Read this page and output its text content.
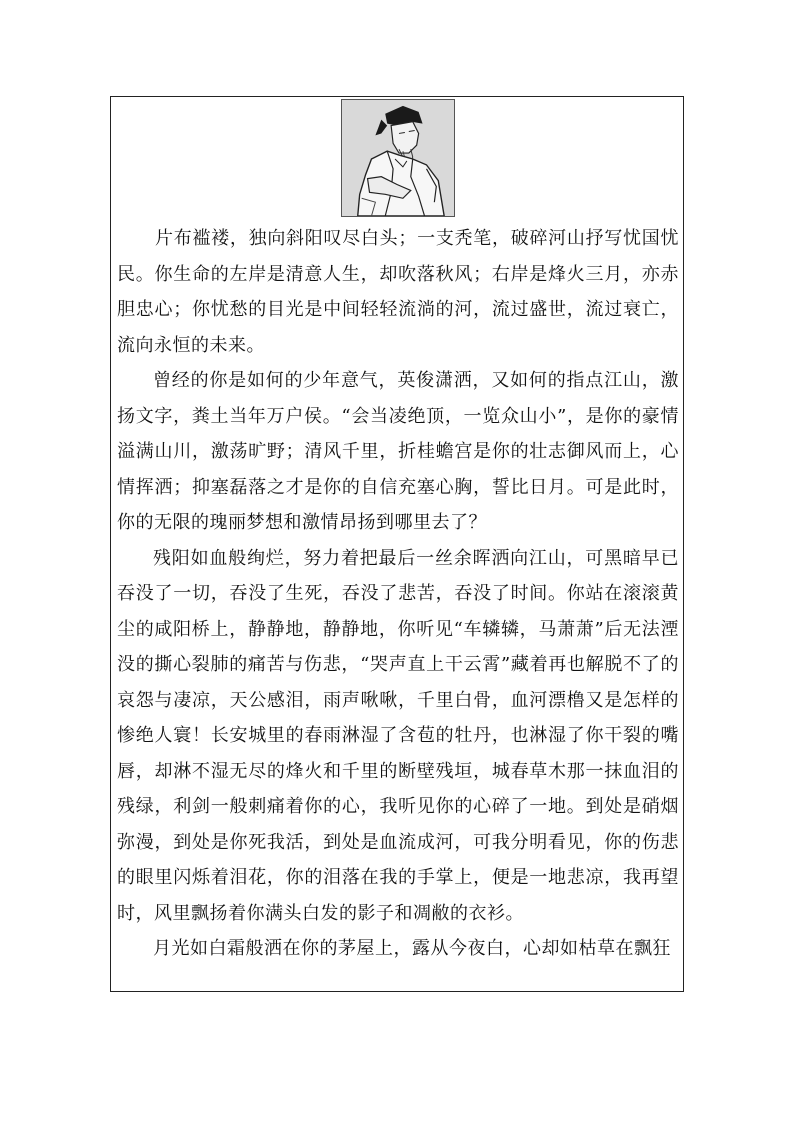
片布褴褛，独向斜阳叹尽白头；一支秃笔，破碎河山抒写忧国忧民。你生命的左岸是清意人生，却吹落秋风；右岸是烽火三月，亦赤胆忠心；你忧愁的目光是中间轻轻流淌的河，流过盛世，流过衰亡，流向永恒的未来。

曾经的你是如何的少年意气，英俊潇洒，又如何的指点江山，激扬文字，粪土当年万户侯。“会当凌绝顶，一览众山小”，是你的豪情溢满山川，激荡旷野；清风千里，折桂蟾宫是你的壮志御风而上，心情挥洒；抑塞磊落之才是你的自信充塞心胸，誓比日月。可是此时，你的无限的瑰丽梦想和激情昂扬到哪里去了？

残阳如血般绚烂，努力着把最后一丝余晖洒向江山，可黑暗早已吞没了一切，吞没了生死，吞没了悲苦，吞没了时间。你站在滚滚黄尘的咸阳桥上，静静地，静静地，你听见“车辚辚，马萧萧”后无法湮没的撕心裂肺的痛苦与伤悲，“哭声直上干云霄”藏着再也解脱不了的哀怨与凄凉，天公感泪，雨声啾啾，千里白骨，血河漂橹又是怎样的惨绝人寰！长安城里的春雨淋湿了含苞的牡丹，也淋湿了你干裂的嘴唇，却淋不湿无尽的烽火和千里的断壁残垣，城春草木那一抹血泪的残绿，利剑一般刺痛着你的心，我听见你的心碎了一地。到处是硝烟弥漫，到处是你死我活，到处是血流成河，可我分明看见，你的伤悲的眼里闪烁着泪花，你的泪落在我的手掌上，便是一地悲凉，我再望时，风里飘扬着你满头白发的影子和凋敝的衣衫。

月光如白霜般洒在你的茅屋上，露从今夜白，心却如枯草在飘狂
